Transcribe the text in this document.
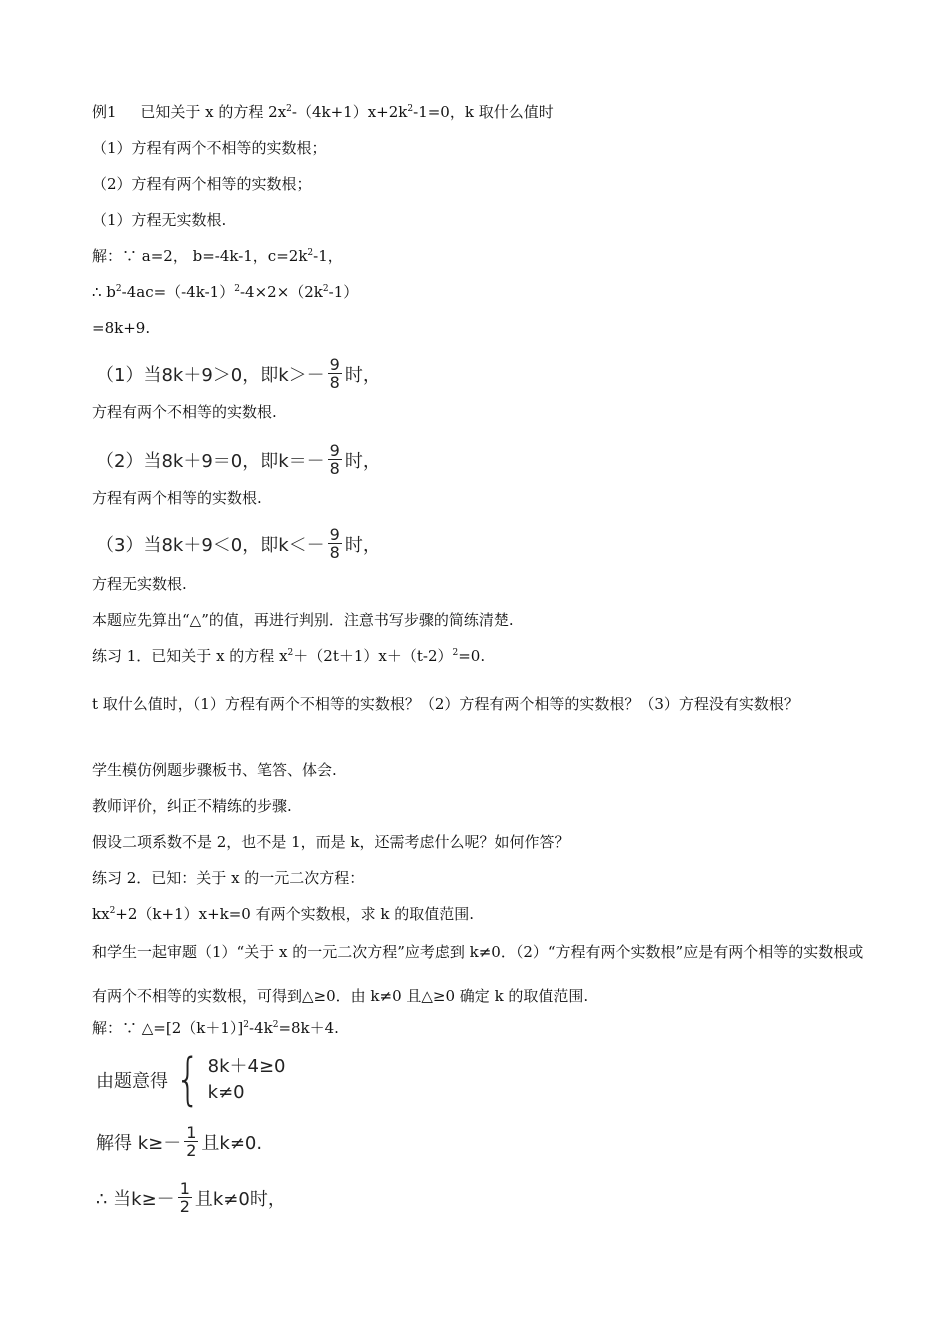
例1 已知关于 x 的方程 $2x^2-(4k+1)x+2k^2-1=0$，k 取什么值时
（1）方程有两个不相等的实数根；
（2）方程有两个相等的实数根；
（1）方程无实数根.
解：∵ a=2， b=-4k-1，$c=2k^2-1$，
∴ $b^2-4ac=(-4k-1)^2-4\times 2\times(2k^2-1)$
=8k+9.
（1）当8k＋9＞0，即$k>- \frac{9}{8}$ 时，
方程有两个不相等的实数根.
（2）当8k＋9＝0，即$k=- \frac{9}{8}$ 时，
方程有两个相等的实数根.
（3）当8k＋9＜0，即$k<- \frac{9}{8}$ 时，
方程无实数根.
本题应先算出“△”的值，再进行判别．注意书写步骤的简练清楚.
练习 1．已知关于 x 的方程 $x^2+(2t+1)x+(t-2)^2=0$.
t 取什么值时，（1）方程有两个不相等的实数根？（2）方程有两个相等的实数根？（3）方程没有实数根？
学生模仿例题步骤板书、笔答、体会.
教师评价，纠正不精练的步骤.
假设二项系数不是 2，也不是 1，而是 k，还需考虑什么呢？如何作答？
练习 2．已知：关于 x 的一元二次方程：
$kx^2+2(k+1)x+k=0$ 有两个实数根，求 k 的取值范围.
和学生一起审题（1）“关于 x 的一元二次方程”应考虑到 k≠0．（2）“方程有两个实数根”应是有两个相等的实数根或有两个不相等的实数根，可得到△≥0．由 k≠0 且△≥0 确定 k 的取值范围.
解：∵ $\triangle=[2(k+1)]^2-4k^2=8k+4$.
由题意得 { 8k＋4≥0
k≠0
解得 $k\ge- \frac{1}{2}$ 且k≠0.
∴ 当$k\ge- \frac{1}{2}$ 且k≠0时，
